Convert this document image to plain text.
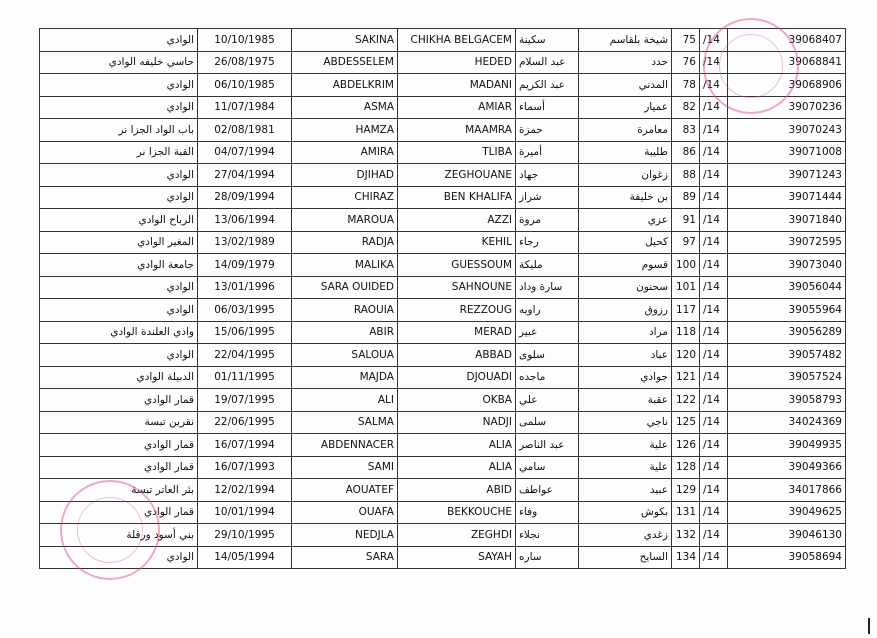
الوادي	10/10/1985	SAKINA	CHIKHA BELGACEM	سكينة	شيخة بلقاسم	75	/14	39068407
حاسي خليفه الوادي	26/08/1975	ABDESSELEM	HEDED	عبد السلام	حدد	76	/14	39068841
الوادي	06/10/1985	ABDELKRIM	MADANI	عبد الكريم	المدني	78	/14	39068906
الوادي	11/07/1984	ASMA	AMIAR	أسماء	عميار	82	/14	39070236
باب الواد الجزا نر	02/08/1981	HAMZA	MAAMRA	حمزة	معامرة	83	/14	39070243
القبة الجزا نر	04/07/1994	AMIRA	TLIBA	أميرة	طليبة	86	/14	39071008
الوادي	27/04/1994	DJIHAD	ZEGHOUANE	جهاد	زغوان	88	/14	39071243
الوادي	28/09/1994	CHIRAZ	BEN KHALIFA	شراز	بن خليفة	89	/14	39071444
الرباح الوادي	13/06/1994	MAROUA	AZZI	مروة	عزي	91	/14	39071840
المغير الوادي	13/02/1989	RADJA	KEHIL	رجاء	كحيل	97	/14	39072595
جامعة الوادي	14/09/1979	MALIKA	GUESSOUM	مليكة	قسوم	100	/14	39073040
الوادي	13/01/1996	SARA OUIDED	SAHNOUNE	سارة وداد	سحنون	101	/14	39056044
الوادي	06/03/1995	RAOUIA	REZZOUG	راويه	رزوق	117	/14	39055964
وادي العلندة الوادي	15/06/1995	ABIR	MERAD	عبير	مراد	118	/14	39056289
الوادي	22/04/1995	SALOUA	ABBAD	سلوى	عباد	120	/14	39057482
الدبيلة الوادي	01/11/1995	MAJDA	DJOUADI	ماجده	جوادي	121	/14	39057524
قمار الوادي	19/07/1995	ALI	OKBA	علي	عقبة	122	/14	39058793
نقرين تبسة	22/06/1995	SALMA	NADJI	سلمى	ناجي	125	/14	34024369
قمار الوادي	16/07/1994	ABDENNACER	ALIA	عبد الناصر	علية	126	/14	39049935
قمار الوادي	16/07/1993	SAMI	ALIA	سامي	علية	128	/14	39049366
بئر العاتر تبسة	12/02/1994	AOUATEF	ABID	عواطف	عبيد	129	/14	34017866
قمار الوادي	10/01/1994	OUAFA	BEKKOUCHE	وفاء	بكوش	131	/14	39049625
بني أسود ورقلة	29/10/1995	NEDJLA	ZEGHDI	نجلاء	زغدي	132	/14	39046130
الوادي	14/05/1994	SARA	SAYAH	ساره	السايح	134	/14	39058694
